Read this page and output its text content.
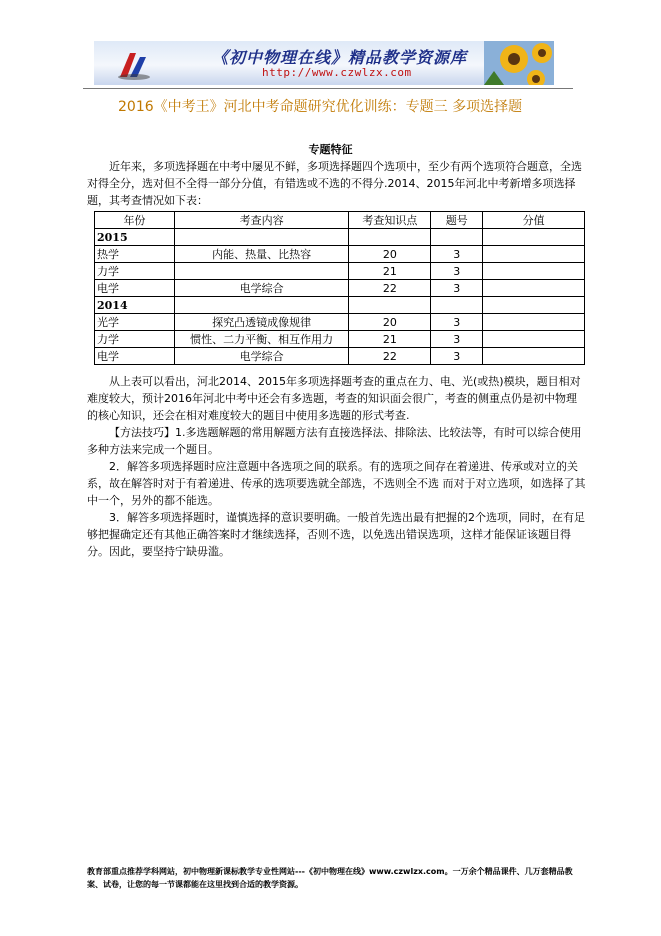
《初中物理在线》精品教学资源库
http://www.czwlzx.com
2016《中考王》河北中考命题研究优化训练：专题三 多项选择题
专题特征

近年来，多项选择题在中考中屡见不鲜，多项选择题四个选项中，至少有两个选项符合题意，全选对得全分，选对但不全得一部分分值，有错选或不选的不得分.2014、2015年河北中考新增多项选择题，其考查情况如下表：

年份	考查内容	考查知识点	题号	分值
2015				
热学	内能、热量、比热容	20	3	
力学		21	3	
电学	电学综合	22	3	
2014				
光学	探究凸透镜成像规律	20	3	
力学	惯性、二力平衡、相互作用力	21	3	
电学	电学综合	22	3	

从上表可以看出，河北2014、2015年多项选择题考查的重点在力、电、光(或热)模块，题目相对难度较大，预计2016年河北中考中还会有多选题，考查的知识面会很广，考查的侧重点仍是初中物理的核心知识，还会在相对难度较大的题目中使用多选题的形式考查.

【方法技巧】1.多选题解题的常用解题方法有直接选择法、排除法、比较法等，有时可以综合使用多种方法来完成一个题目。

2．解答多项选择题时应注意题中各选项之间的联系。有的选项之间存在着递进、传承或对立的关系，故在解答时对于有着递进、传承的选项要选就全部选，不选则全不选 而对于对立选项，如选择了其中一个，另外的都不能选。

3．解答多项选择题时，谨慎选择的意识要明确。一般首先选出最有把握的2个选项，同时，在有足够把握确定还有其他正确答案时才继续选择，否则不选，以免选出错误选项，这样才能保证该题目得分。因此，要坚持宁缺毋滥。

教育部重点推荐学科网站，初中物理新课标教学专业性网站---《初中物理在线》www.czwlzx.com。一万余个精品课件、几万套精品教案、试卷，让您的每一节课都能在这里找到合适的教学资源。
